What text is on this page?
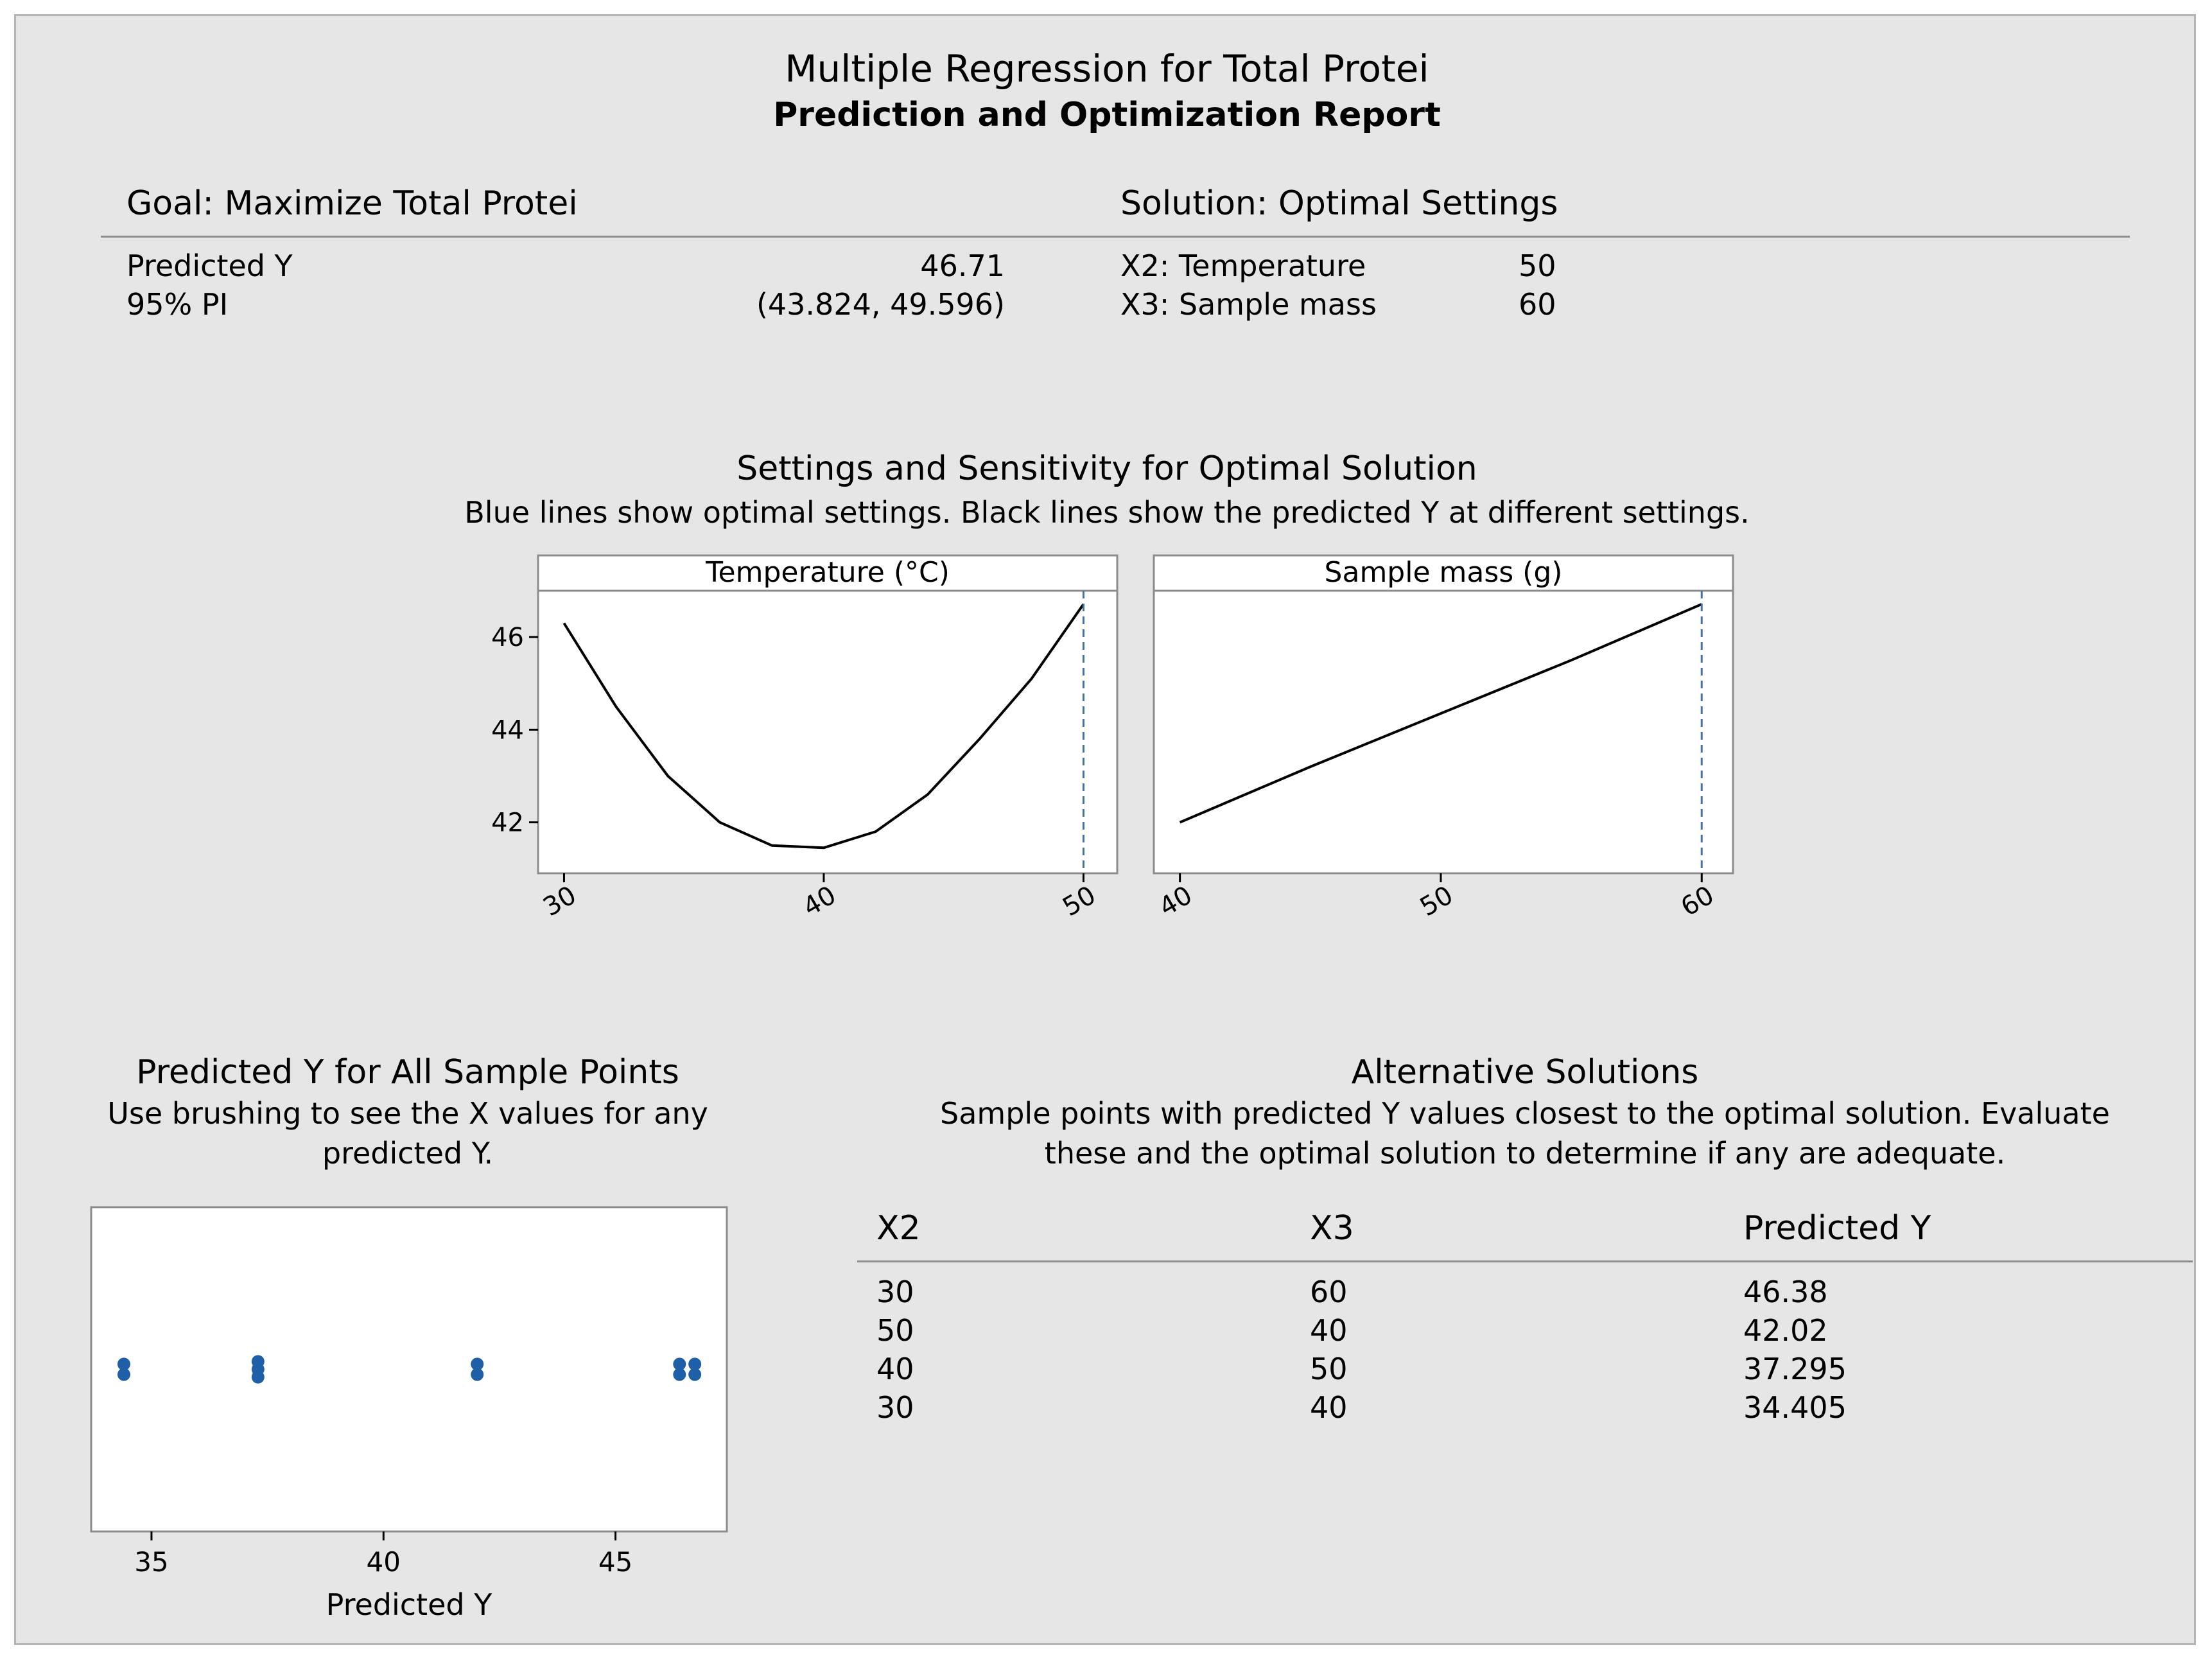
Multiple Regression for Total Protei
Prediction and Optimization Report
Goal: Maximize Total Protei	Solution: Optimal Settings
Predicted Y	46.71
95% PI	(43.824, 49.596)
X2: Temperature	50
X3: Sample mass	60
Settings and Sensitivity for Optimal Solution
Blue lines show optimal settings. Black lines show the predicted Y at different settings.
Temperature (°C)
30	40	50
42
44
46
Sample mass (g)
40	50	60
Predicted Y for All Sample Points
Use brushing to see the X values for any
predicted Y.
35	40	45
Predicted Y
Alternative Solutions
Sample points with predicted Y values closest to the optimal solution. Evaluate
these and the optimal solution to determine if any are adequate.
X2	X3	Predicted Y
30	60	46.38
50	40	42.02
40	50	37.295
30	40	34.405
